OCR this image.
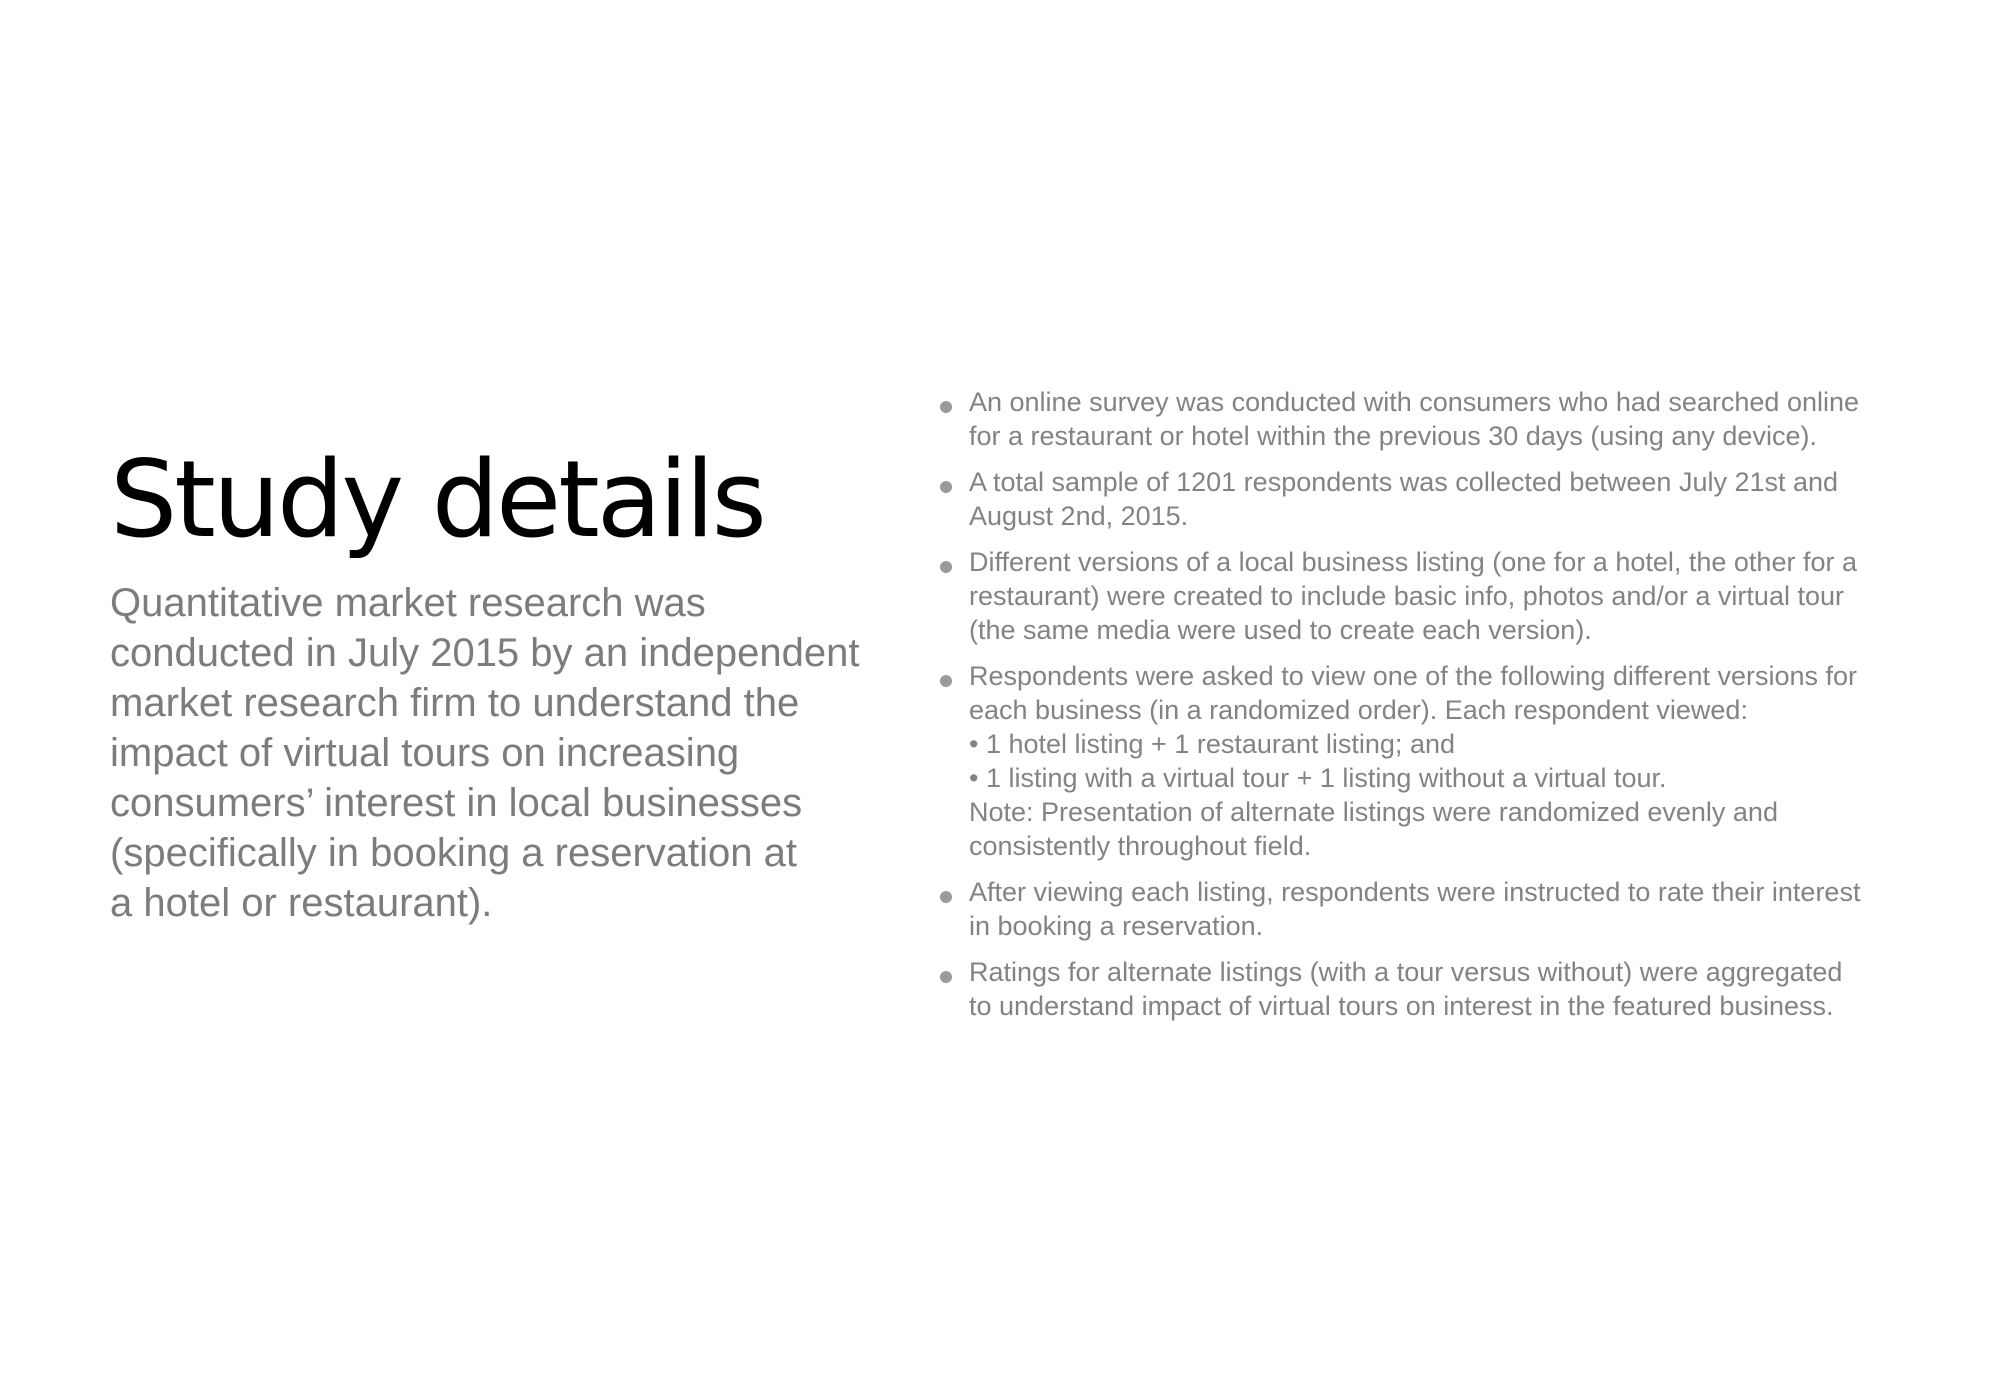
Study details

Quantitative market research was
conducted in July 2015 by an independent
market research firm to understand the
impact of virtual tours on increasing
consumers’ interest in local businesses
(specifically in booking a reservation at
a hotel or restaurant).

An online survey was conducted with consumers who had searched online
for a restaurant or hotel within the previous 30 days (using any device).
A total sample of 1201 respondents was collected between July 21st and
August 2nd, 2015.
Different versions of a local business listing (one for a hotel, the other for a
restaurant) were created to include basic info, photos and/or a virtual tour
(the same media were used to create each version).
Respondents were asked to view one of the following different versions for
each business (in a randomized order). Each respondent viewed:
• 1 hotel listing + 1 restaurant listing; and
• 1 listing with a virtual tour + 1 listing without a virtual tour.
Note: Presentation of alternate listings were randomized evenly and
consistently throughout field.
After viewing each listing, respondents were instructed to rate their interest
in booking a reservation.
Ratings for alternate listings (with a tour versus without) were aggregated
to understand impact of virtual tours on interest in the featured business.
